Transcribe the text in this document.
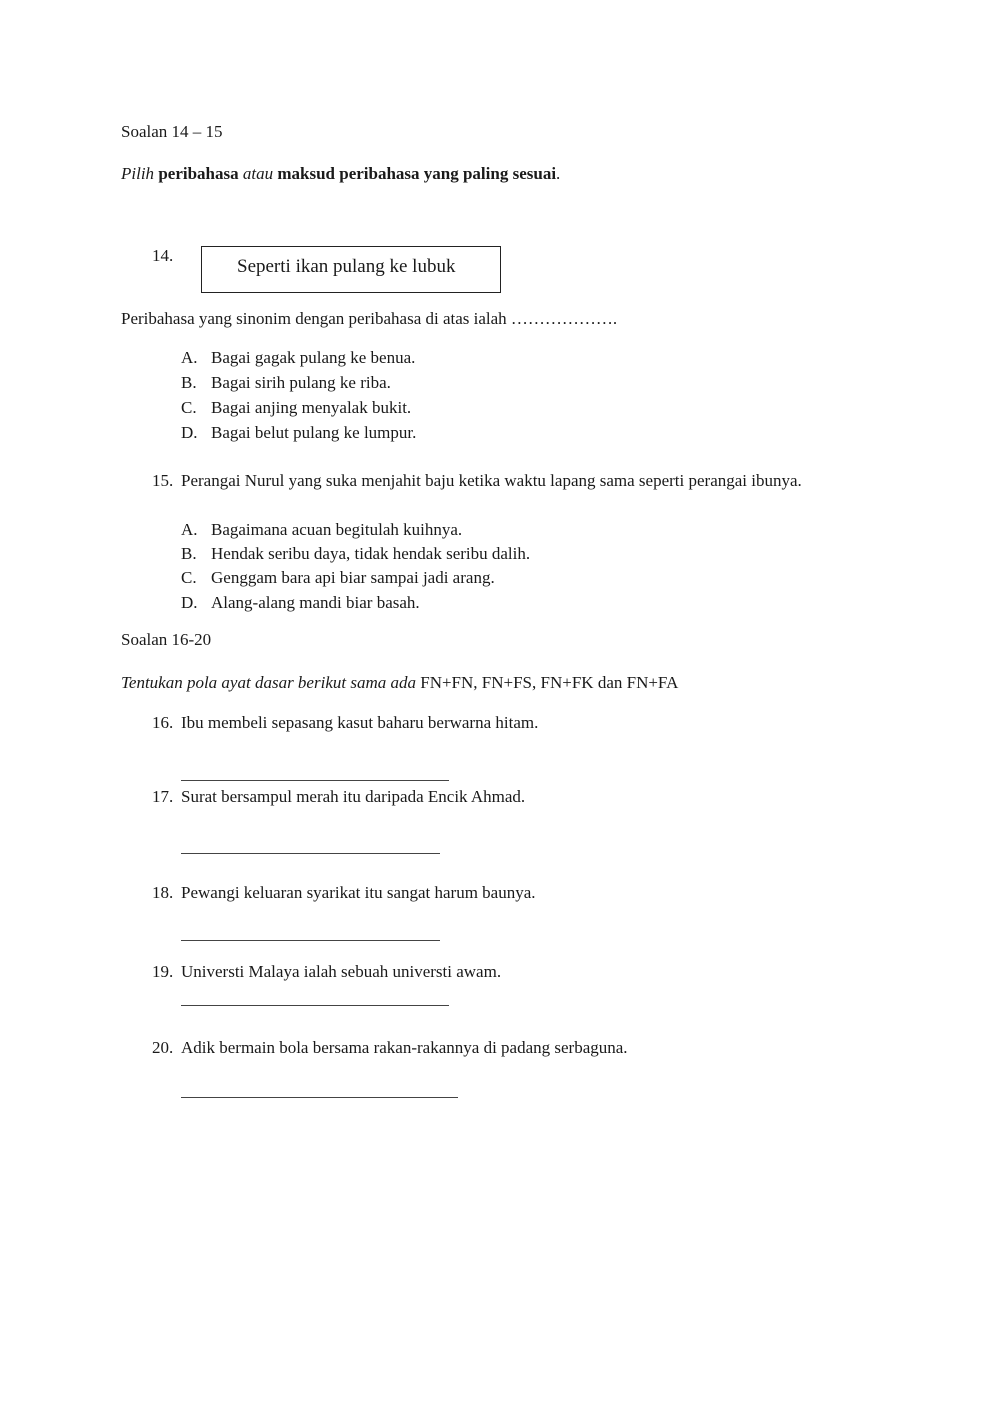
Soalan 14 – 15
Pilih peribahasa atau maksud peribahasa yang paling sesuai.
14.
Seperti ikan pulang ke lubuk
Peribahasa yang sinonim dengan peribahasa di atas ialah ……………….
A. Bagai gagak pulang ke benua.
B. Bagai sirih pulang ke riba.
C. Bagai anjing menyalak bukit.
D. Bagai belut pulang ke lumpur.
15. Perangai Nurul yang suka menjahit baju ketika waktu lapang sama seperti perangai ibunya.
A. Bagaimana acuan begitulah kuihnya.
B. Hendak seribu daya, tidak hendak seribu dalih.
C. Genggam bara api biar sampai jadi arang.
D. Alang-alang mandi biar basah.
Soalan 16-20
Tentukan pola ayat dasar berikut sama ada FN+FN, FN+FS, FN+FK dan FN+FA
16. Ibu membeli sepasang kasut baharu berwarna hitam.
17. Surat bersampul merah itu daripada Encik Ahmad.
18. Pewangi keluaran syarikat itu sangat harum baunya.
19. Universti Malaya ialah sebuah universti awam.
20. Adik bermain bola bersama rakan-rakannya di padang serbaguna.
